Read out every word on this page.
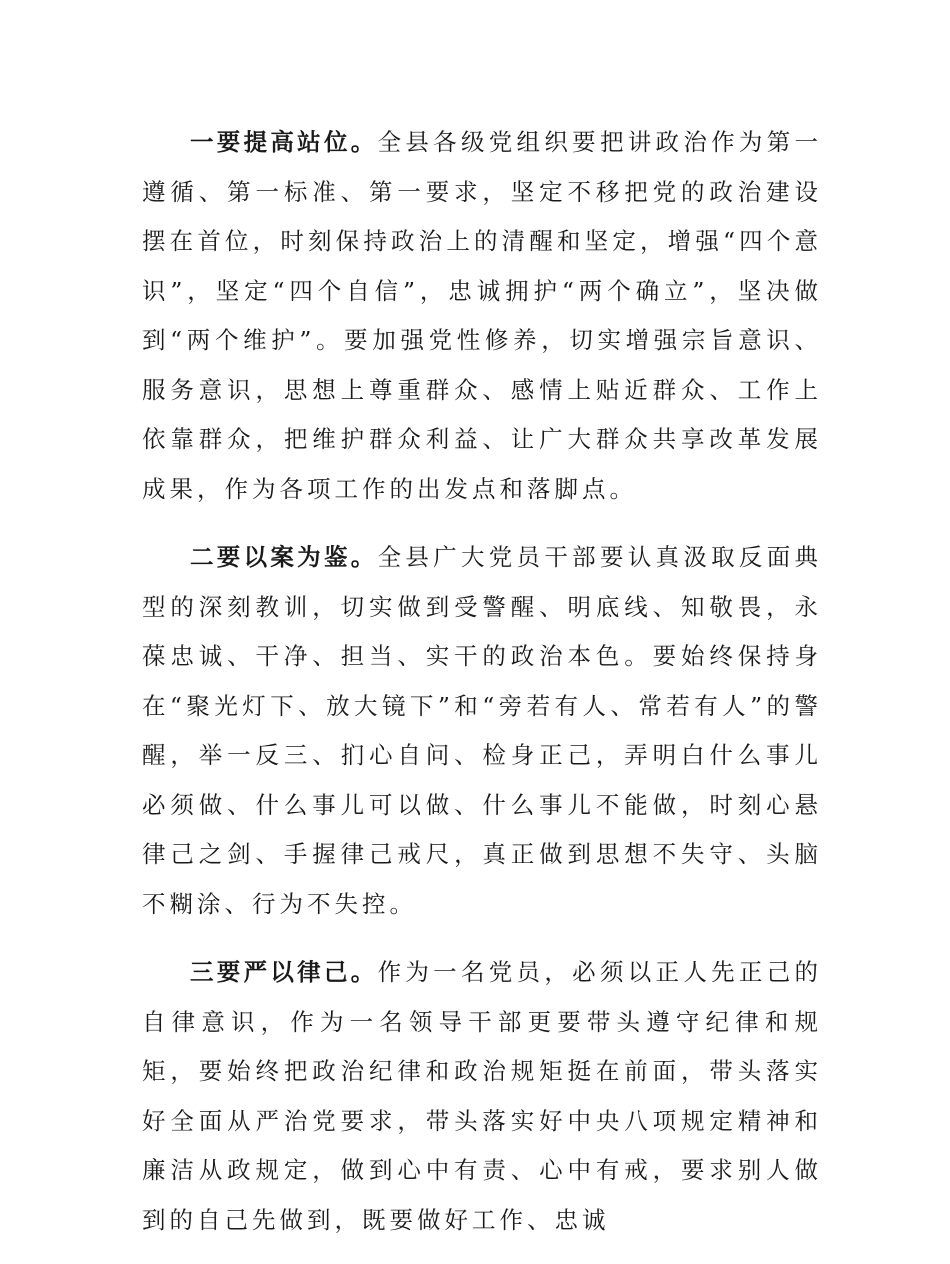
一要提高站位。全县各级党组织要把讲政治作为第一遵循、第一标准、第一要求，坚定不移把党的政治建设摆在首位，时刻保持政治上的清醒和坚定，增强“四个意识”，坚定“四个自信”，忠诚拥护“两个确立”，坚决做到“两个维护”。要加强党性修养，切实增强宗旨意识、服务意识，思想上尊重群众、感情上贴近群众、工作上依靠群众，把维护群众利益、让广大群众共享改革发展成果，作为各项工作的出发点和落脚点。

二要以案为鉴。全县广大党员干部要认真汲取反面典型的深刻教训，切实做到受警醒、明底线、知敬畏，永葆忠诚、干净、担当、实干的政治本色。要始终保持身在“聚光灯下、放大镜下”和“旁若有人、常若有人”的警醒，举一反三、扪心自问、检身正己，弄明白什么事儿必须做、什么事儿可以做、什么事儿不能做，时刻心悬律己之剑、手握律己戒尺，真正做到思想不失守、头脑不糊涂、行为不失控。

三要严以律己。作为一名党员，必须以正人先正己的自律意识，作为一名领导干部更要带头遵守纪律和规矩，要始终把政治纪律和政治规矩挺在前面，带头落实好全面从严治党要求，带头落实好中央八项规定精神和廉洁从政规定，做到心中有责、心中有戒，要求别人做到的自己先做到，既要做好工作、忠诚
